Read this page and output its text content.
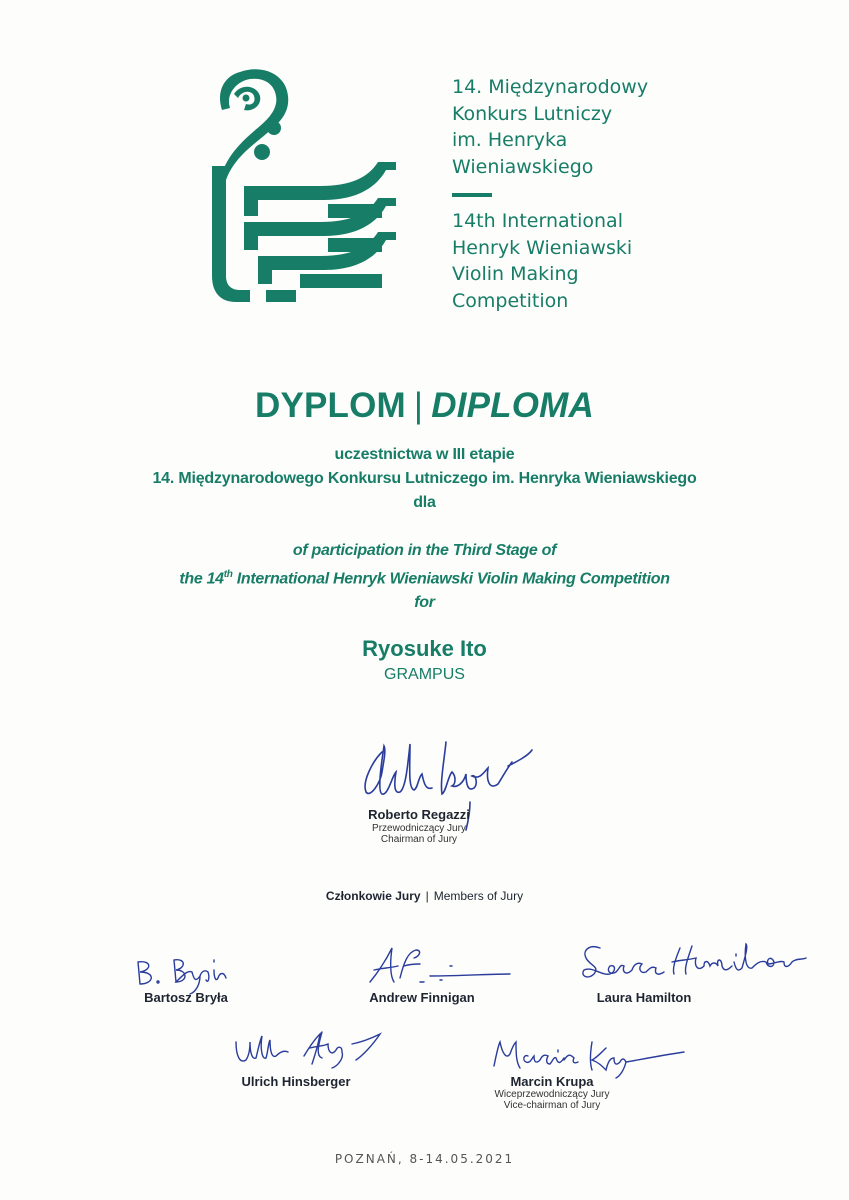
14. Międzynarodowy
Konkurs Lutniczy
im. Henryka
Wieniawskiego
14th International
Henryk Wieniawski
Violin Making
Competition
DYPLOM | DIPLOMA
uczestnictwa w III etapie
14. Międzynarodowego Konkursu Lutniczego im. Henryka Wieniawskiego
dla
of participation in the Third Stage of
the 14th International Henryk Wieniawski Violin Making Competition
for
Ryosuke Ito
GRAMPUS
Roberto Regazzi
Przewodniczący Jury
Chairman of Jury
Członkowie Jury | Members of Jury
Bartosz Bryła	Andrew Finnigan	Laura Hamilton
Ulrich Hinsberger	Marcin Krupa
Wiceprzewodniczący Jury
Vice-chairman of Jury
POZNAŃ, 8-14.05.2021
